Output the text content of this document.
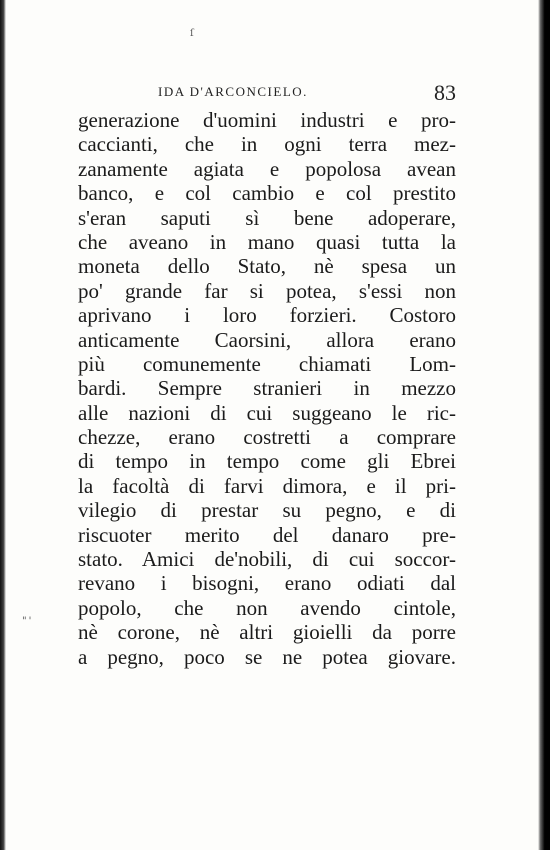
ſ
IDA D'ARCONCIELO.	83
generazione d'uomini industri e pro-
caccianti, che in ogni terra mez-
zanamente agiata e popolosa avean
banco, e col cambio e col prestito
s'eran saputi sì bene adoperare,
che aveano in mano quasi tutta la
moneta dello Stato, nè spesa un
po' grande far si potea, s'essi non
aprivano i loro forzieri. Costoro
anticamente Caorsini, allora erano
più comunemente chiamati Lom-
bardi. Sempre stranieri in mezzo
alle nazioni di cui suggeano le ric-
chezze, erano costretti a comprare
di tempo in tempo come gli Ebrei
la facoltà di farvi dimora, e il pri-
vilegio di prestar su pegno, e di
riscuoter merito del danaro pre-
stato. Amici de'nobili, di cui soccor-
revano i bisogni, erano odiati dal
popolo, che non avendo cintole,
nè corone, nè altri gioielli da porre
a pegno, poco se ne potea giovare.
"'
